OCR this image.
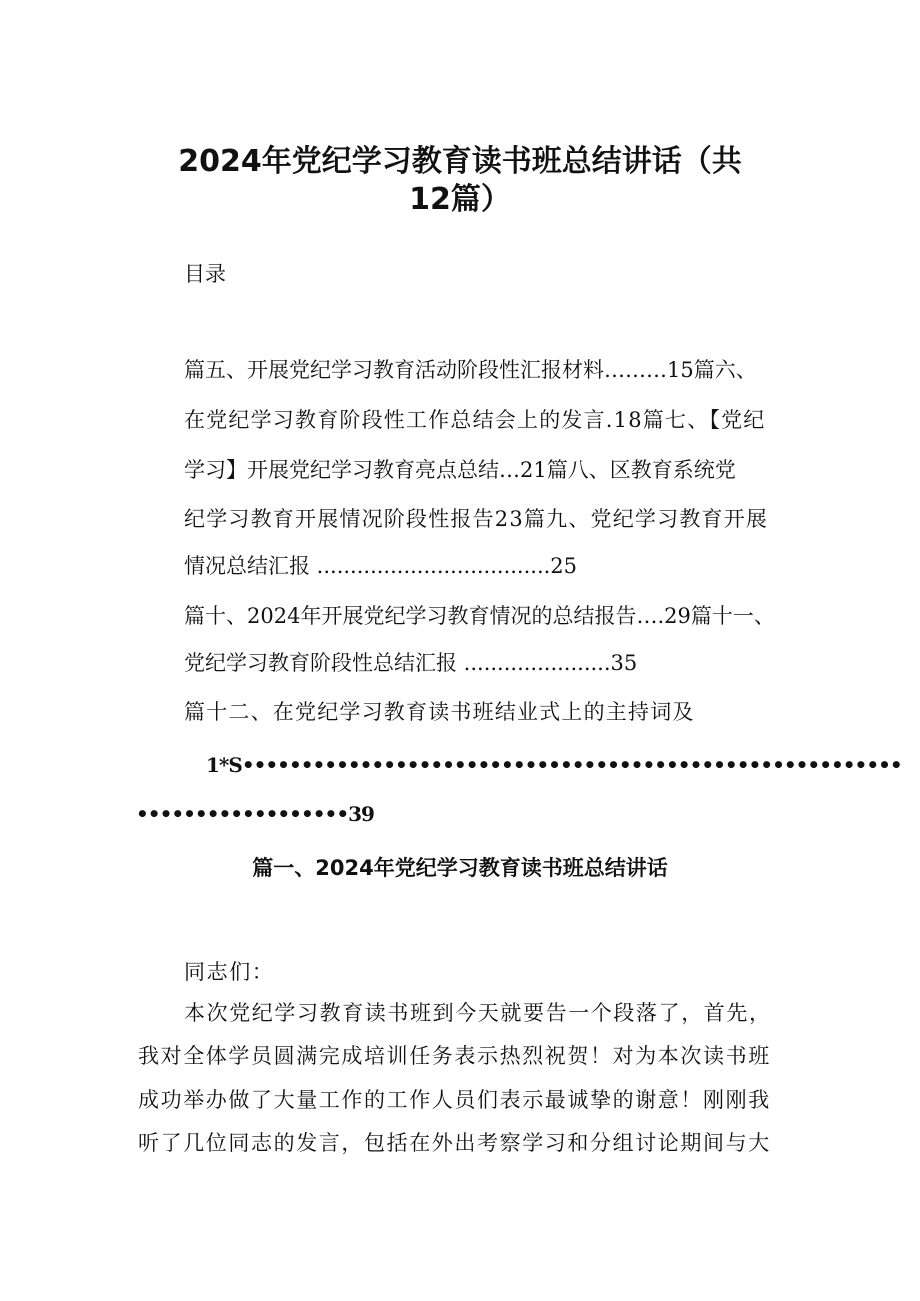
2024年党纪学习教育读书班总结讲话（共
12篇）
目录
篇五、开展党纪学习教育活动阶段性汇报材料………15篇六、
在党纪学习教育阶段性工作总结会上的发言.18篇七、【党纪
学习】开展党纪学习教育亮点总结…21篇八、区教育系统党
纪学习教育开展情况阶段性报告23篇九、党纪学习教育开展
情况总结汇报 ...................................25
篇十、2024年开展党纪学习教育情况的总结报告….29篇十一、
党纪学习教育阶段性总结汇报 ......................35
篇十二、在党纪学习教育读书班结业式上的主持词及
1*S••••••••••••••••••••••••••••••••••••••••••••••••••••••••
••••••••••••••••••39
篇一、2024年党纪学习教育读书班总结讲话
同志们：
本次党纪学习教育读书班到今天就要告一个段落了，首先，
我对全体学员圆满完成培训任务表示热烈祝贺！对为本次读书班
成功举办做了大量工作的工作人员们表示最诚挚的谢意！刚刚我
听了几位同志的发言，包括在外出考察学习和分组讨论期间与大
